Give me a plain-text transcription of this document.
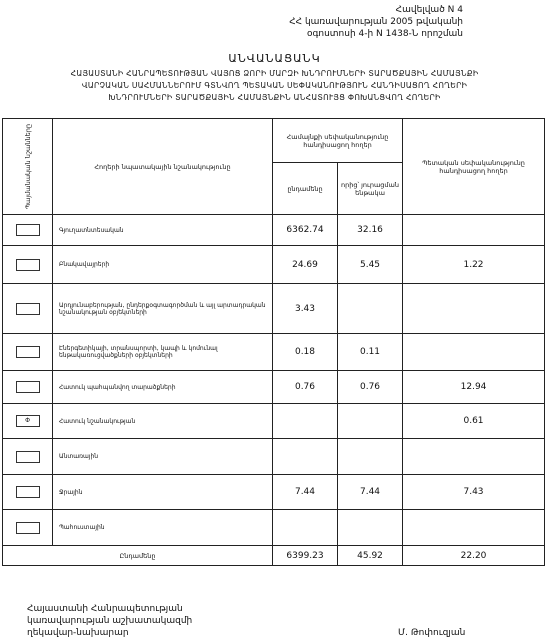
Հավելված N 4
ՀՀ կառավարության 2005 թվականի
օգոստոսի 4-ի N 1438-Ն որոշման
ԱՆՎԱՆԱՑԱՆԿ
ՀԱՅԱՍՏԱՆԻ ՀԱՆՐԱՊԵՏՈՒԹՅԱՆ ՎԱՅՈՑ ՁՈՐԻ ՄԱՐԶԻ ԽՆԴՐՈՒՄՆԵՐԻ ՏԱՐԱԾՔԱՅԻՆ ՀԱՄԱՅՆՔԻ
ՎԱՐՉԱԿԱՆ ՍԱՀՄԱՆՆԵՐՈՒՄ ԳՏՆՎՈՂ ՊԵՏԱԿԱՆ ՍԵՓԱԿԱՆՈՒԹՅՈՒՆ ՀԱՆԴԻՍԱՑՈՂ ՀՈՂԵՐԻ
ԽՆԴՐՈՒՄՆԵՐԻ ՏԱՐԱԾՔԱՅԻՆ ՀԱՄԱՅՆՔԻՆ ԱՆՀԱՏՈՒՅՑ ՓՈԽԱՆՑՎՈՂ ՀՈՂԵՐԻ
Պայմանական նշանները	Հողերի նպատակային նշանակությունը	Համայնքի սեփականությունը հանդիսացող հողեր		Պետական սեփականությունը հանդիսացող հողեր
		ընդամենը	որից՝ յուրացման ենթակա	

	Գյուղատնտեսական	6362.74	32.16	

	Բնակավայրերի	24.69	5.45	1.22

	Արդյունաբերության, ընդերքօգտագործման և այլ արտադրական նշանակության օբյեկտների	3.43		

	Էներգետիկայի, տրանսպորտի, կապի և կոմունալ ենթակառուցվածքների օբյեկտների	0.18	0.11	

	Հատուկ պահպանվող տարածքների	0.76	0.76	12.94

Փ	Հատուկ նշանակության			0.61

	Անտառային			

	Ջրային	7.44	7.44	7.43

	Պահուստային			
Ընդամենը		6399.23	45.92	22.20
Հայաստանի Հանրապետության
կառավարության աշխատակազմի
ղեկավար-նախարար	Մ. Թոփուզյան
